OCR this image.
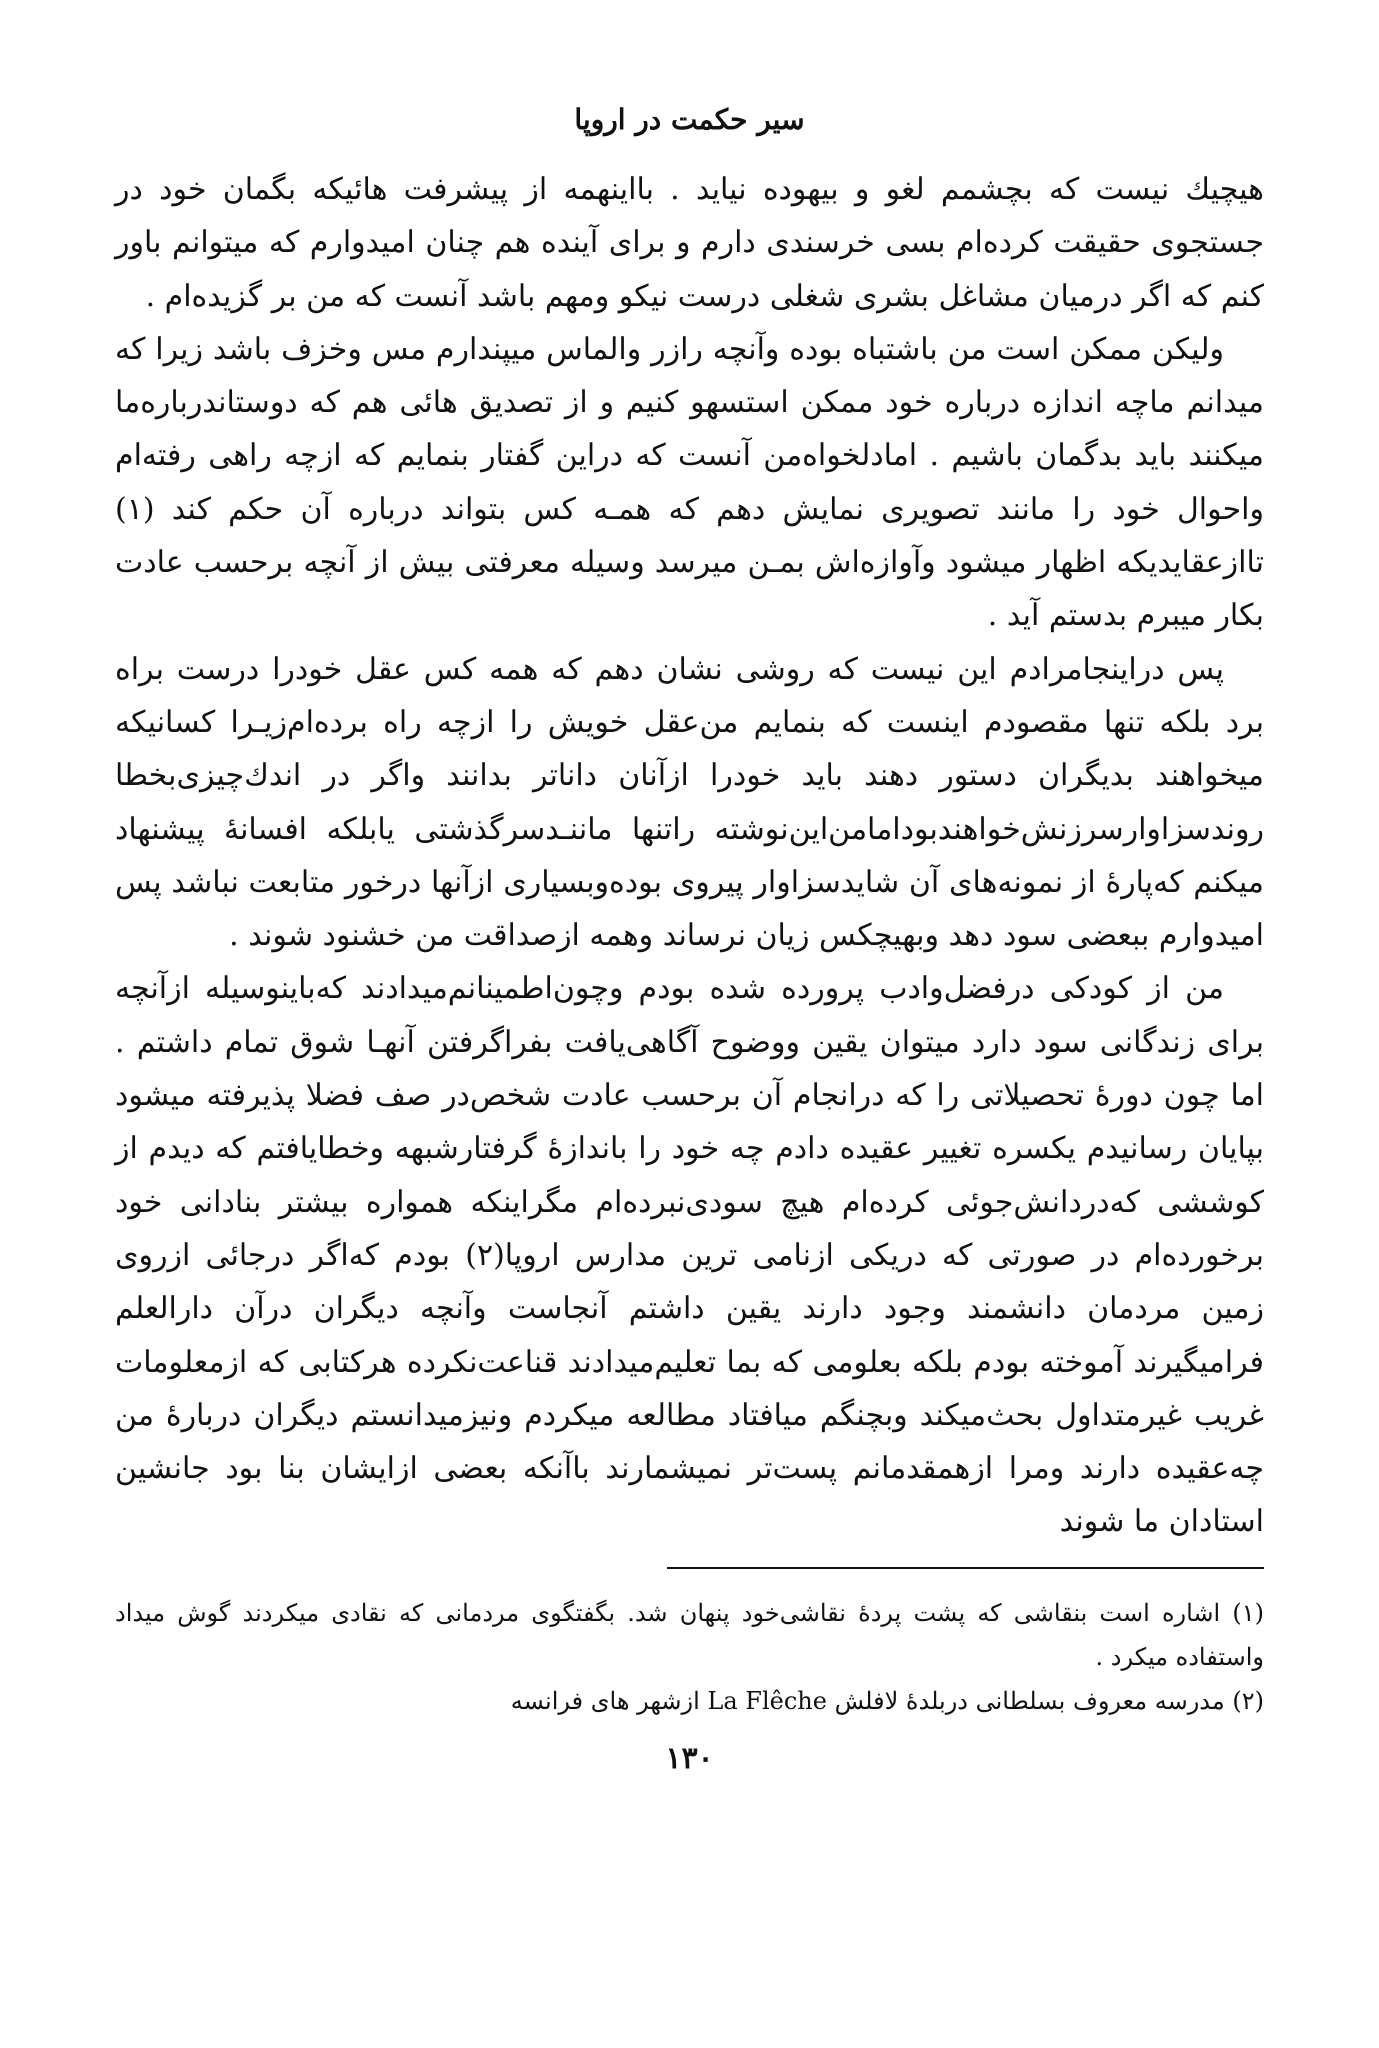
سیر حکمت در اروپا

هیچیك نیست که بچشمم لغو و بیهوده نیاید . بااینهمه از پیشرفت هائیکه بگمان خود در جستجوی حقیقت کرده‌ام بسی خرسندی دارم و برای آینده هم چنان امیدوارم که میتوانم باور کنم که اگر درمیان مشاغل بشری شغلی درست نیکو ومهم باشد آنست که من بر گزیده‌ام .

ولیکن ممکن است من باشتباه بوده وآنچه رازر والماس میپندارم مس وخزف باشد زیرا که میدانم ماچه اندازه درباره خود ممکن استسهو کنیم و از تصدیق هائی هم که دوستاندرباره‌ما میکنند باید بدگمان باشیم . امادلخواه‌من آنست که دراین گفتار بنمایم که ازچه راهی رفته‌ام واحوال خود را مانند تصویری نمایش دهم که همـه کس بتواند درباره آن حکم کند (۱) تاازعقایدیکه اظهار میشود وآوازه‌اش بمـن میرسد وسیله معرفتی بیش از آنچه برحسب عادت بکار میبرم بدستم آید .

پس دراینجامرادم این نیست که روشی نشان دهم که همه کس عقل خودرا درست براه برد بلکه تنها مقصودم اینست که بنمایم من‌عقل خویش را ازچه راه برده‌ام‌زیـرا کسانیکه میخواهند بدیگران دستور دهند باید خودرا ازآنان داناتر بدانند واگر در اندك‌چیزی‌بخطا روندسزاوارسرزنش‌خواهندبودامامن‌این‌نوشته راتنها ماننـدسرگذشتی یابلکه افسانهٔ پیشنهاد میکنم که‌پارهٔ از نمونه‌های آن شایدسزاوار پیروی بوده‌وبسیاری ازآنها درخور متابعت نباشد پس امیدوارم ببعضی سود دهد وبهیچکس زیان نرساند وهمه ازصداقت من خشنود شوند .

من از کودکی درفضل‌وادب پرورده شده بودم وچون‌اطمینانم‌میدادند که‌باینوسیله ازآنچه برای زندگانی سود دارد میتوان یقین ووضوح آگاهی‌یافت بفراگرفتن آنهـا شوق تمام داشتم . اما چون دورهٔ تحصیلاتی را که درانجام آن برحسب عادت شخص‌در صف فضلا پذیرفته میشود بپایان رسانیدم یکسره تغییر عقیده دادم چه خود را باندازهٔ گرفتارشبهه وخطایافتم که دیدم از کوششی که‌دردانش‌جوئی کرده‌ام هیچ سودی‌نبرده‌ام مگراینکه همواره بیشتر بنادانی خود برخورده‌ام در صورتی که دریکی ازنامی ترین مدارس اروپا(۲) بودم که‌اگر درجائی ازروی زمین مردمان دانشمند وجود دارند یقین داشتم آنجاست وآنچه دیگران درآن دارالعلم فرامیگیرند آموخته بودم بلکه بعلومی که بما تعلیم‌میدادند قناعت‌نکرده هرکتابی که ازمعلومات غریب غیرمتداول بحث‌میکند وبچنگم میافتاد مطالعه میکردم ونیزمیدانستم دیگران دربارهٔ من چه‌عقیده دارند ومرا ازهمقدمانم پست‌تر نمیشمارند باآنکه بعضی ازایشان بنا بود جانشین استادان ما شوند

(۱) اشاره است بنقاشی که پشت پردهٔ نقاشی‌خود پنهان شد. بگفتگوی مردمانی که نقادی میکردند گوش میداد واستفاده میکرد .

(۲) مدرسه معروف بسلطانی دربلدهٔ لافلش La Flêche ازشهر های فرانسه

۱۳۰
